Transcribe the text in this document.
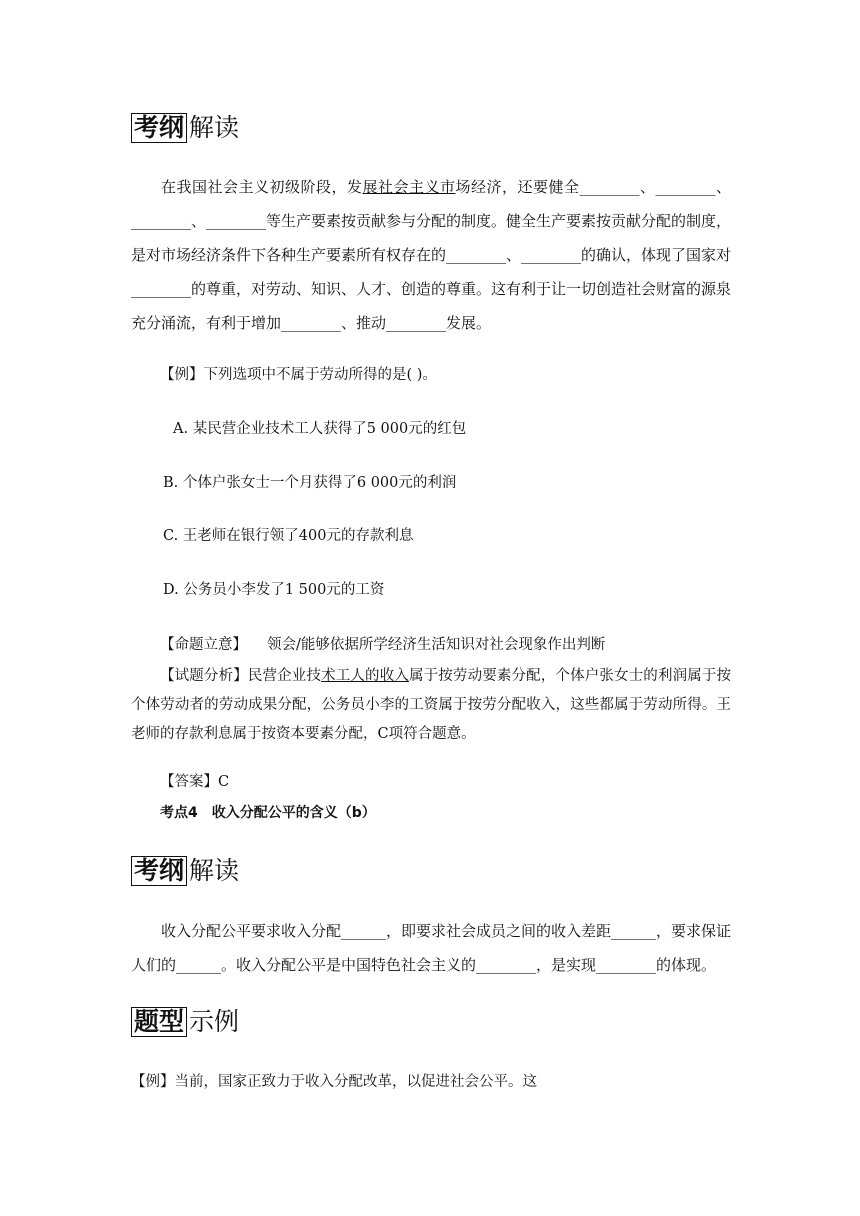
考纲 解读

在我国社会主义初级阶段，发展社会主义市场经济，还要健全________、________、________、________等生产要素按贡献参与分配的制度。健全生产要素按贡献分配的制度，是对市场经济条件下各种生产要素所有权存在的________、________的确认，体现了国家对________的尊重，对劳动、知识、人才、创造的尊重。这有利于让一切创造社会财富的源泉充分涌流，有利于增加________、推动________发展。

【例】下列选项中不属于劳动所得的是( )。
A. 某民营企业技术工人获得了5 000元的红包
B. 个体户张女士一个月获得了6 000元的利润
C. 王老师在银行领了400元的存款利息
D. 公务员小李发了1 500元的工资
【命题立意】 领会/能够依据所学经济生活知识对社会现象作出判断

【试题分析】民营企业技术工人的收入属于按劳动要素分配，个体户张女士的利润属于按个体劳动者的劳动成果分配，公务员小李的工资属于按劳分配收入，这些都属于劳动所得。王老师的存款利息属于按资本要素分配，C项符合题意。

【答案】C
考点4　收入分配公平的含义（b）
考纲 解读

收入分配公平要求收入分配______，即要求社会成员之间的收入差距______，要求保证人们的______。收入分配公平是中国特色社会主义的________，是实现________的体现。

题型 示例
【例】当前，国家正致力于收入分配改革，以促进社会公平。这
